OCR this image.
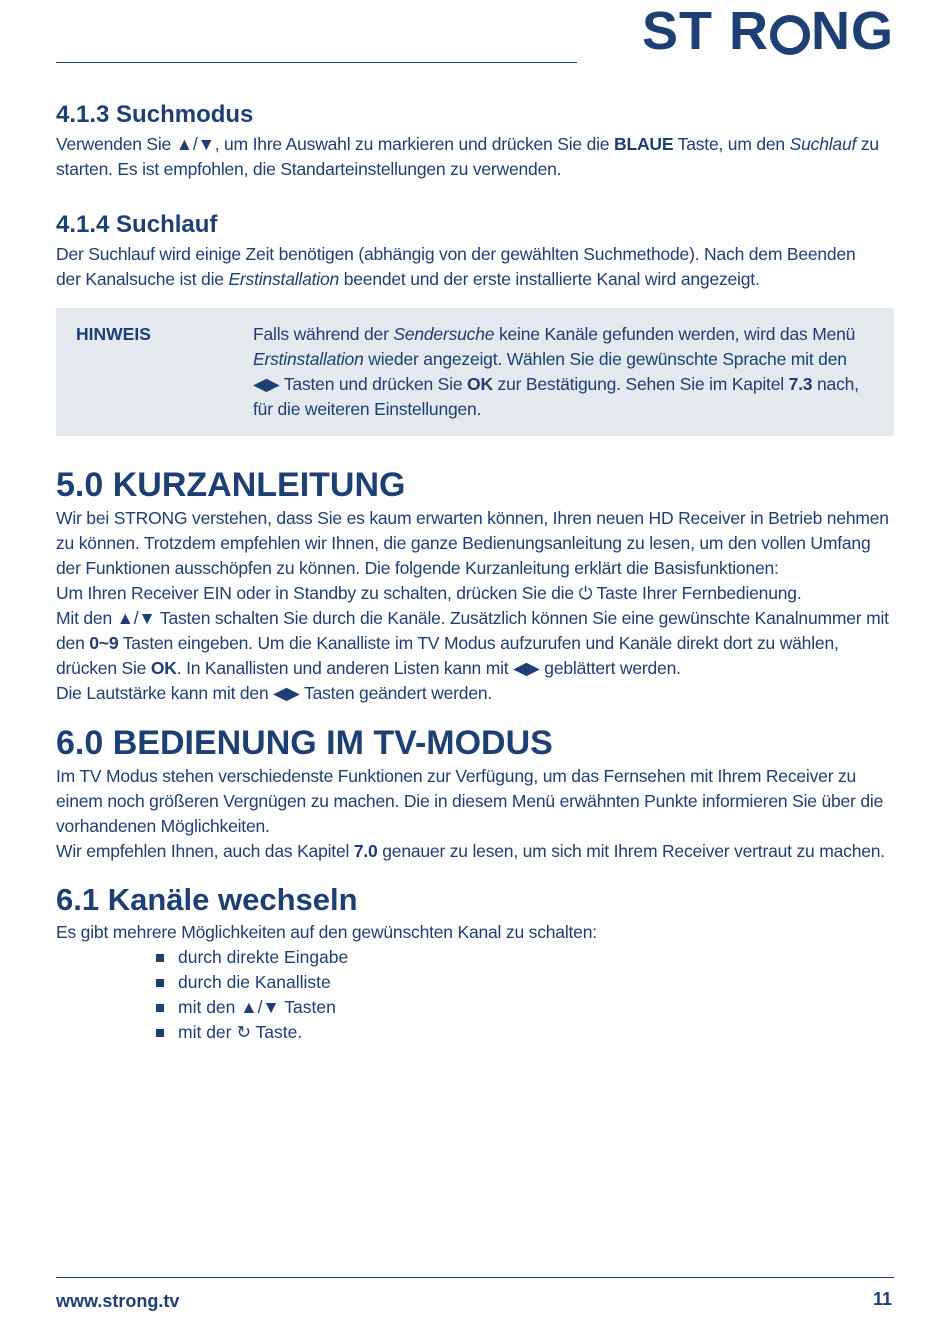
ST R NG
4.1.3 Suchmodus

Verwenden Sie ▲/▼, um Ihre Auswahl zu markieren und drücken Sie die BLAUE Taste, um den Suchlauf zu starten. Es ist empfohlen, die Standarteinstellungen zu verwenden.

4.1.4 Suchlauf

Der Suchlauf wird einige Zeit benötigen (abhängig von der gewählten Suchmethode). Nach dem Beenden der Kanalsuche ist die Erstinstallation beendet und der erste installierte Kanal wird angezeigt.

HINWEIS	Falls während der Sendersuche keine Kanäle gefunden werden, wird das Menü Erstinstallation wieder angezeigt. Wählen Sie die gewünschte Sprache mit den ◀▶ Tasten und drücken Sie OK zur Bestätigung. Sehen Sie im Kapitel 7.3 nach, für die weiteren Einstellungen.

5.0 KURZANLEITUNG

Wir bei STRONG verstehen, dass Sie es kaum erwarten können, Ihren neuen HD Receiver in Betrieb nehmen zu können. Trotzdem empfehlen wir Ihnen, die ganze Bedienungsanleitung zu lesen, um den vollen Umfang der Funktionen ausschöpfen zu können. Die folgende Kurzanleitung erklärt die Basisfunktionen:

Um Ihren Receiver EIN oder in Standby zu schalten, drücken Sie die ⏻ Taste Ihrer Fernbedienung.

Mit den ▲/▼ Tasten schalten Sie durch die Kanäle. Zusätzlich können Sie eine gewünschte Kanalnummer mit den 0~9 Tasten eingeben. Um die Kanalliste im TV Modus aufzurufen und Kanäle direkt dort zu wählen, drücken Sie OK. In Kanallisten und anderen Listen kann mit ◀▶ geblättert werden.

Die Lautstärke kann mit den ◀▶ Tasten geändert werden.

6.0 BEDIENUNG IM TV-MODUS

Im TV Modus stehen verschiedenste Funktionen zur Verfügung, um das Fernsehen mit Ihrem Receiver zu einem noch größeren Vergnügen zu machen. Die in diesem Menü erwähnten Punkte informieren Sie über die vorhandenen Möglichkeiten.

Wir empfehlen Ihnen, auch das Kapitel 7.0 genauer zu lesen, um sich mit Ihrem Receiver vertraut zu machen.

6.1 Kanäle wechseln

Es gibt mehrere Möglichkeiten auf den gewünschten Kanal zu schalten:

durch direkte Eingabe
durch die Kanalliste
mit den ▲/▼ Tasten
mit der ↻ Taste.
www.strong.tv	11
